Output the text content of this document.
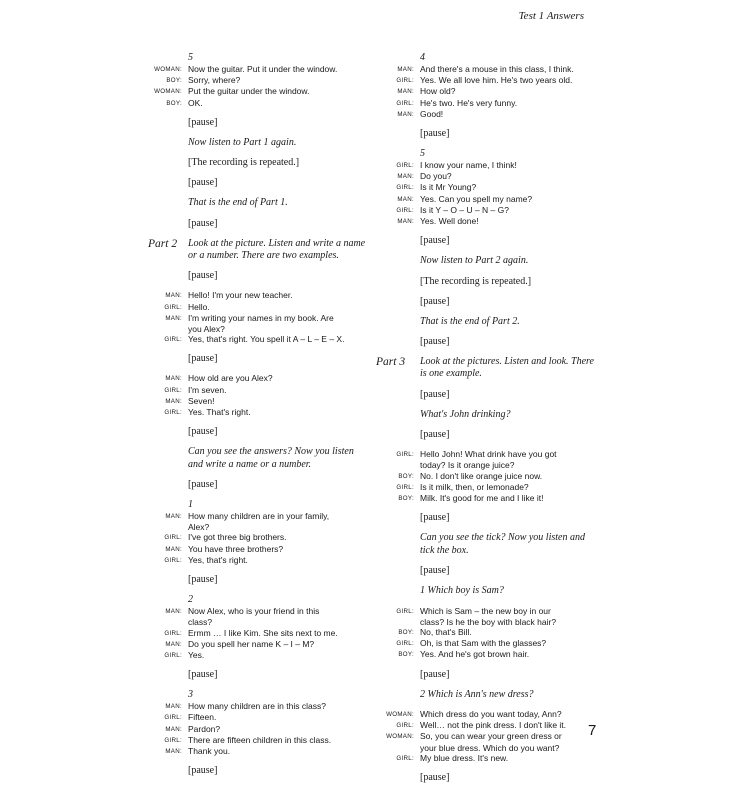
Test 1 Answers
5
WOMAN: Now the guitar. Put it under the window.
BOY: Sorry, where?
WOMAN: Put the guitar under the window.
BOY: OK.
[pause]
Now listen to Part 1 again.
[The recording is repeated.]
[pause]
That is the end of Part 1.
[pause]
Part 2	Look at the picture. Listen and write a name or a number. There are two examples.
[pause]
MAN: Hello! I'm your new teacher.
GIRL: Hello.
MAN: I'm writing your names in my book. Are
you Alex?
GIRL: Yes, that's right. You spell it A – L – E – X.
[pause]
MAN: How old are you Alex?
GIRL: I'm seven.
MAN: Seven!
GIRL: Yes. That's right.
[pause]
Can you see the answers? Now you listen and write a name or a number.
[pause]
1
MAN: How many children are in your family,
Alex?
GIRL: I've got three big brothers.
MAN: You have three brothers?
GIRL: Yes, that's right.
[pause]
2
MAN: Now Alex, who is your friend in this
class?
GIRL: Ermm … I like Kim. She sits next to me.
MAN: Do you spell her name K – I – M?
GIRL: Yes.
[pause]
3
MAN: How many children are in this class?
GIRL: Fifteen.
MAN: Pardon?
GIRL: There are fifteen children in this class.
MAN: Thank you.
[pause]
4
MAN: And there's a mouse in this class, I think.
GIRL: Yes. We all love him. He's two years old.
MAN: How old?
GIRL: He's two. He's very funny.
MAN: Good!
[pause]
5
GIRL: I know your name, I think!
MAN: Do you?
GIRL: Is it Mr Young?
MAN: Yes. Can you spell my name?
GIRL: Is it Y – O – U – N – G?
MAN: Yes. Well done!
[pause]
Now listen to Part 2 again.
[The recording is repeated.]
[pause]
That is the end of Part 2.
[pause]
Part 3	Look at the pictures. Listen and look. There is one example.
[pause]
What's John drinking?
[pause]
GIRL: Hello John! What drink have you got
today? Is it orange juice?
BOY: No. I don't like orange juice now.
GIRL: Is it milk, then, or lemonade?
BOY: Milk. It's good for me and I like it!
[pause]
Can you see the tick? Now you listen and tick the box.
[pause]
1 Which boy is Sam?
GIRL: Which is Sam – the new boy in our
class? Is he the boy with black hair?
BOY: No, that's Bill.
GIRL: Oh, is that Sam with the glasses?
BOY: Yes. And he's got brown hair.
[pause]
2 Which is Ann's new dress?
WOMAN: Which dress do you want today, Ann?
GIRL: Well… not the pink dress. I don't like it.
WOMAN: So, you can wear your green dress or
your blue dress. Which do you want?
GIRL: My blue dress. It's new.
[pause]
7
